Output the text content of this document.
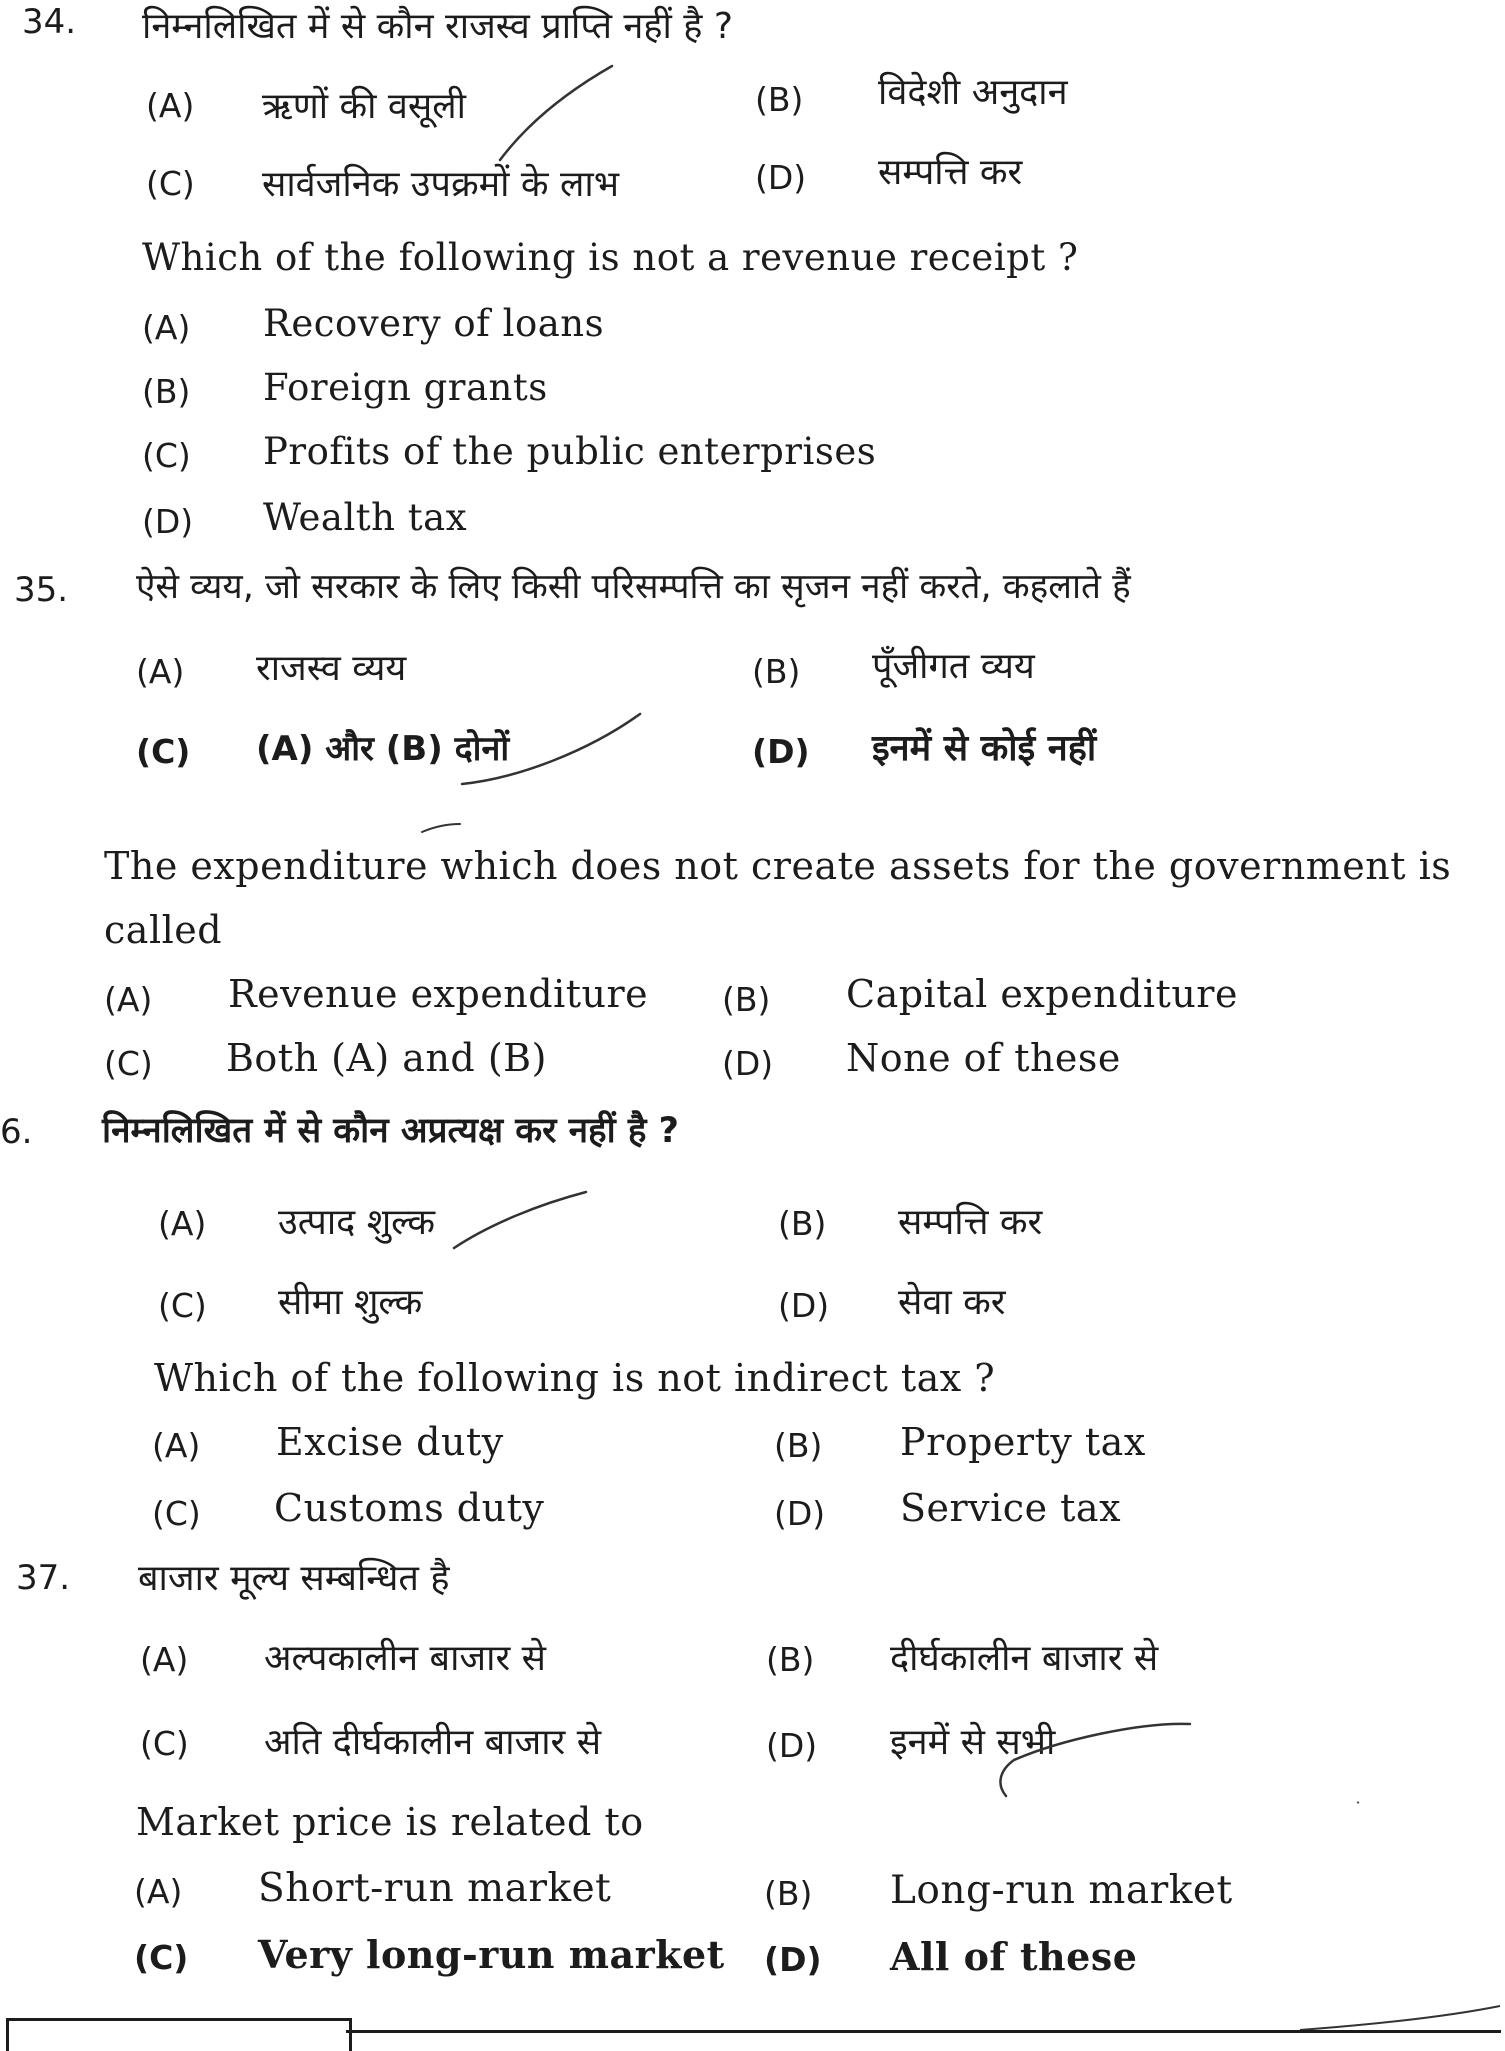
34. निम्नलिखित में से कौन राजस्व प्राप्ति नहीं है ?
(A) ऋणों की वसूली	(B) विदेशी अनुदान
(C) सार्वजनिक उपक्रमों के लाभ	(D) सम्पत्ति कर
Which of the following is not a revenue receipt ?
(A) Recovery of loans
(B) Foreign grants
(C) Profits of the public enterprises
(D) Wealth tax
35. ऐसे व्यय, जो सरकार के लिए किसी परिसम्पत्ति का सृजन नहीं करते, कहलाते हैं
(A) राजस्व व्यय	(B) पूँजीगत व्यय
(C) (A) और (B) दोनों	(D) इनमें से कोई नहीं
The expenditure which does not create assets for the government is
called
(A) Revenue expenditure (B) Capital expenditure
(C) Both (A) and (B)	(D) None of these
6. निम्नलिखित में से कौन अप्रत्यक्ष कर नहीं है ?
(A) उत्पाद शुल्क	(B) सम्पत्ति कर
(C) सीमा शुल्क	(D) सेवा कर
Which of the following is not indirect tax ?
(A) Excise duty	(B) Property tax
(C) Customs duty	(D) Service tax
37. बाजार मूल्य सम्बन्धित है
(A) अल्पकालीन बाजार से	(B) दीर्घकालीन बाजार से
(C) अति दीर्घकालीन बाजार से	(D) इनमें से सभी
Market price is related to
(A) Short-run market	(B) Long-run market
(C) Very long-run market (D) All of these
